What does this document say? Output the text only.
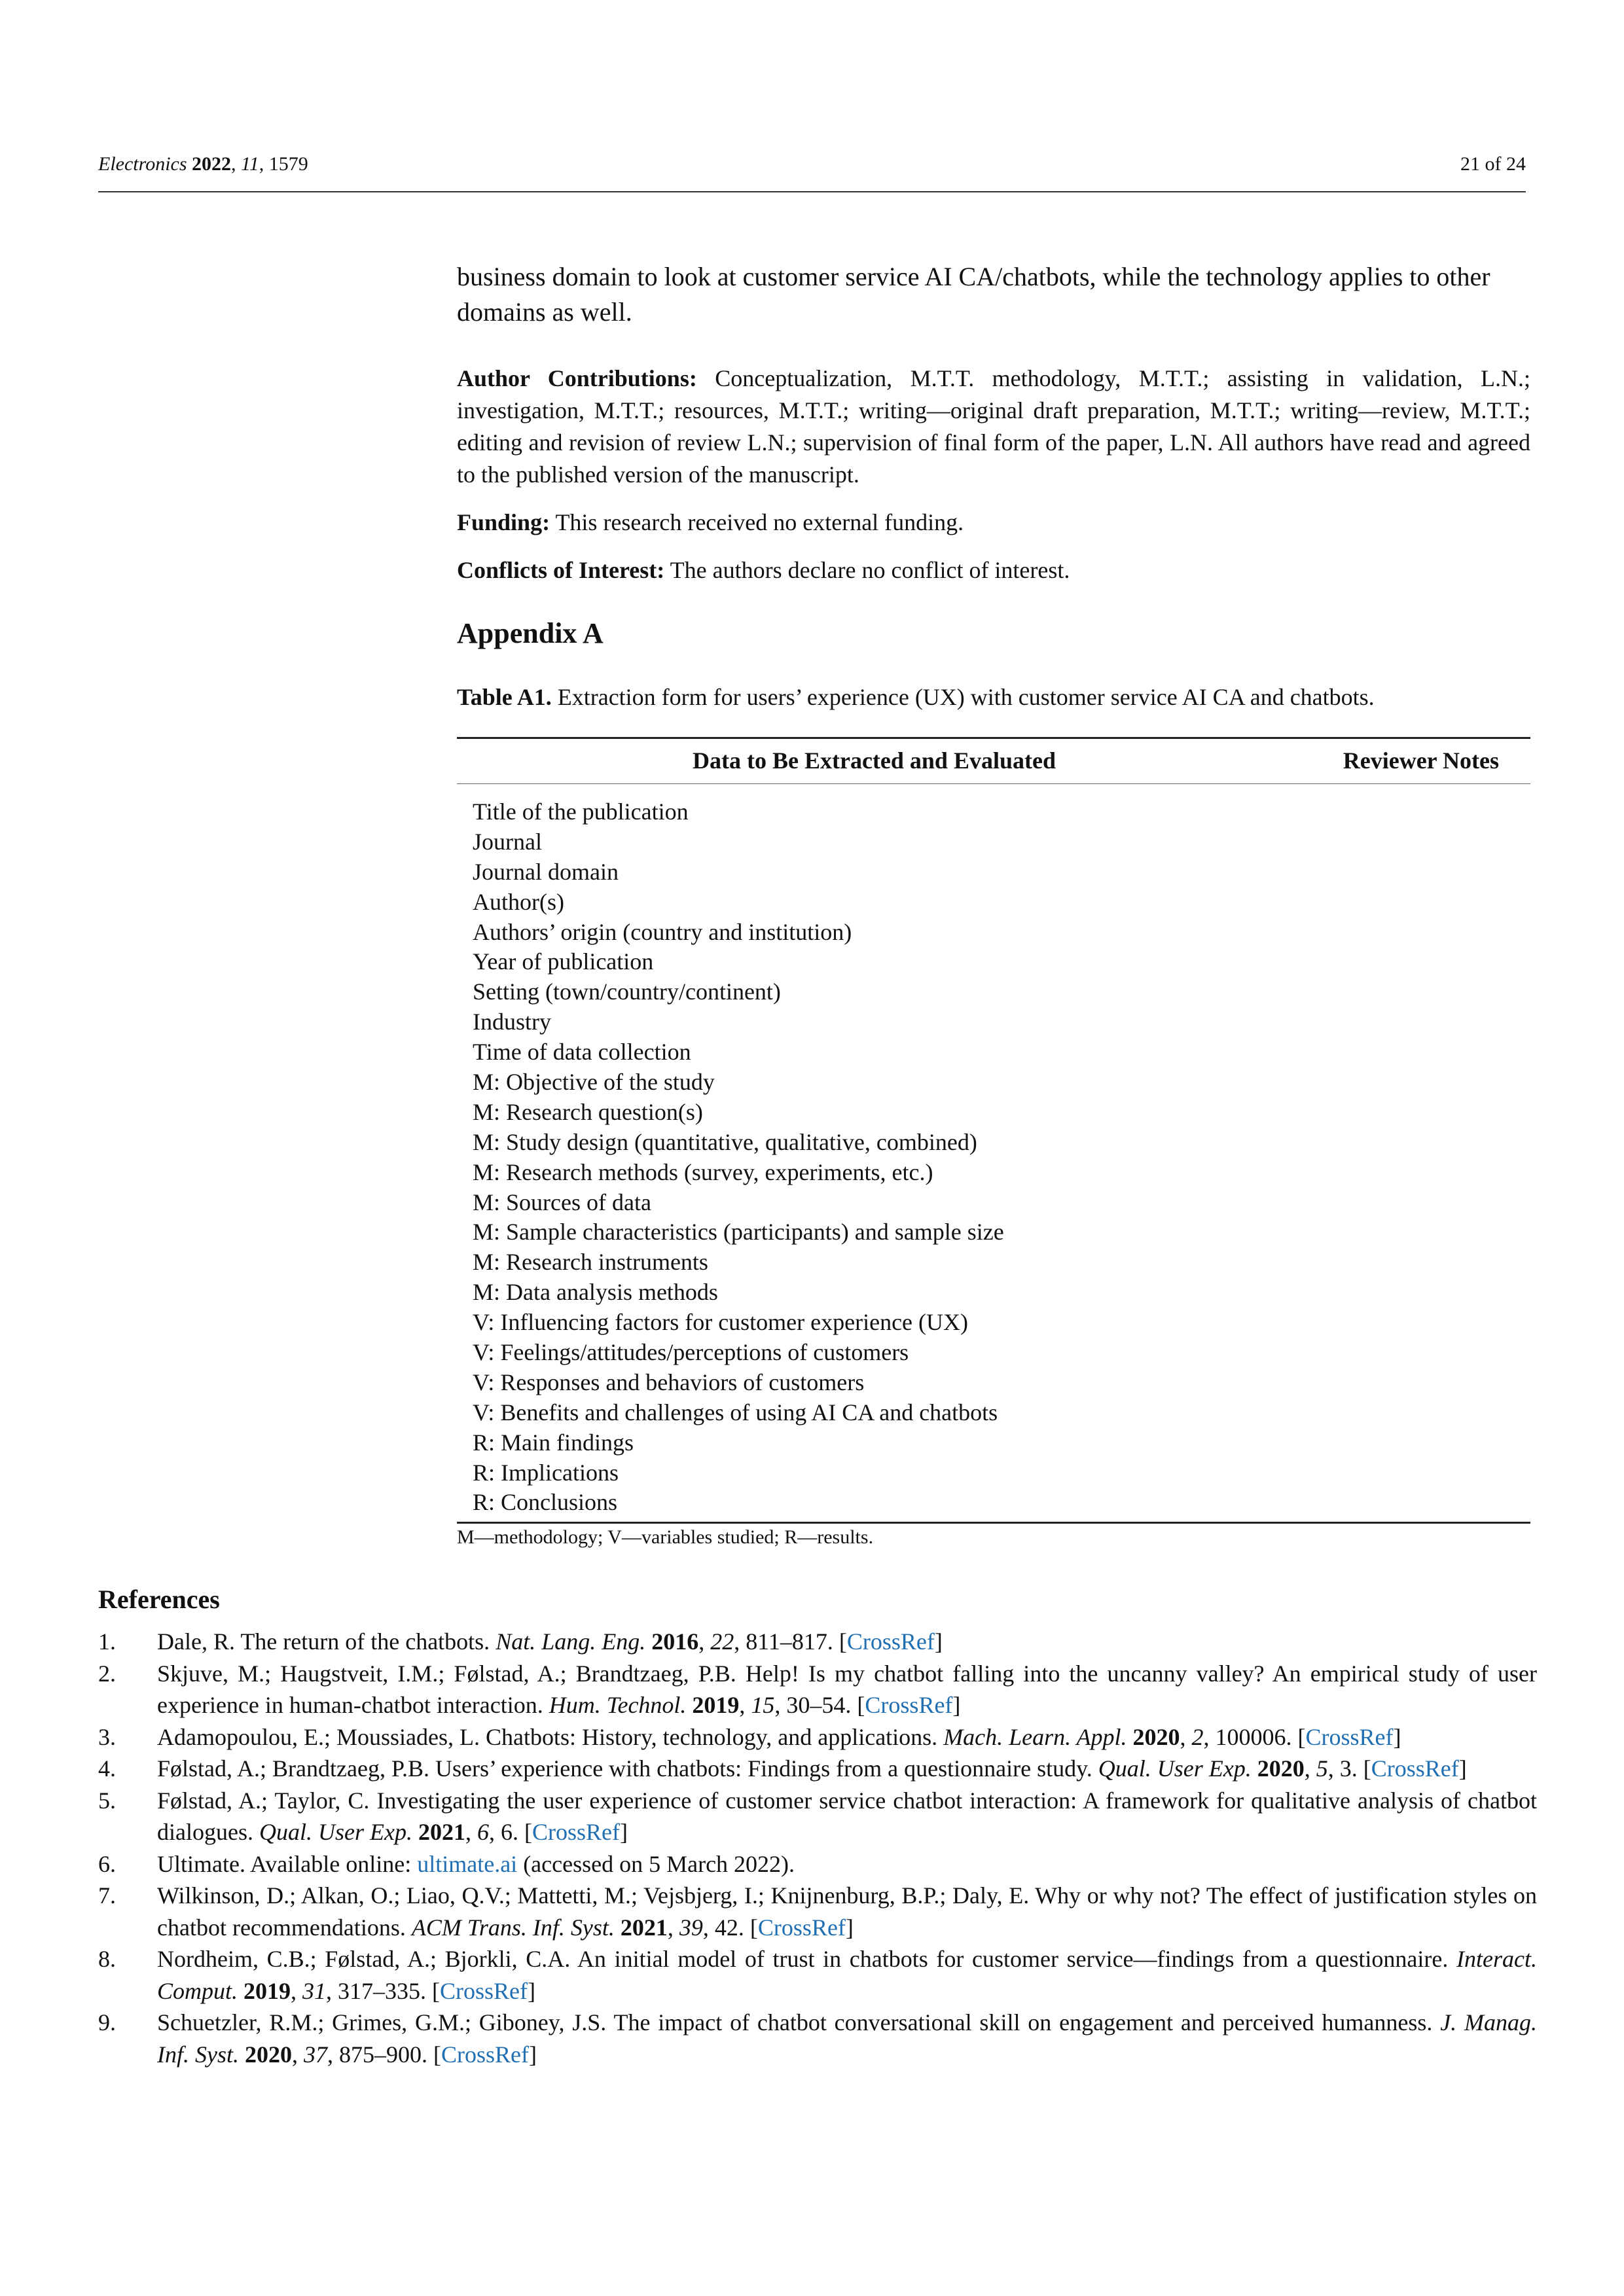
Electronics 2022, 11, 1579	21 of 24

business domain to look at customer service AI CA/chatbots, while the technology applies to other domains as well.

Author Contributions: Conceptualization, M.T.T. methodology, M.T.T.; assisting in validation, L.N.; investigation, M.T.T.; resources, M.T.T.; writing—original draft preparation, M.T.T.; writing—review, M.T.T.; editing and revision of review L.N.; supervision of final form of the paper, L.N. All authors have read and agreed to the published version of the manuscript.

Funding: This research received no external funding.

Conflicts of Interest: The authors declare no conflict of interest.

Appendix A
Table A1. Extraction form for users’ experience (UX) with customer service AI CA and chatbots.
Data to Be Extracted and Evaluated	Reviewer Notes
Title of the publication
Journal
Journal domain
Author(s)
Authors’ origin (country and institution)
Year of publication
Setting (town/country/continent)
Industry
Time of data collection
M: Objective of the study
M: Research question(s)
M: Study design (quantitative, qualitative, combined)
M: Research methods (survey, experiments, etc.)
M: Sources of data
M: Sample characteristics (participants) and sample size
M: Research instruments
M: Data analysis methods
V: Influencing factors for customer experience (UX)
V: Feelings/attitudes/perceptions of customers
V: Responses and behaviors of customers
V: Benefits and challenges of using AI CA and chatbots
R: Main findings
R: Implications
R: Conclusions
M—methodology; V—variables studied; R—results.
References
1.	Dale, R. The return of the chatbots. Nat. Lang. Eng. 2016, 22, 811–817. [CrossRef]
2.	Skjuve, M.; Haugstveit, I.M.; Følstad, A.; Brandtzaeg, P.B. Help! Is my chatbot falling into the uncanny valley? An empirical study of user experience in human-chatbot interaction. Hum. Technol. 2019, 15, 30–54. [CrossRef]
3.	Adamopoulou, E.; Moussiades, L. Chatbots: History, technology, and applications. Mach. Learn. Appl. 2020, 2, 100006. [CrossRef]
4.	Følstad, A.; Brandtzaeg, P.B. Users’ experience with chatbots: Findings from a questionnaire study. Qual. User Exp. 2020, 5, 3. [CrossRef]
5.	Følstad, A.; Taylor, C. Investigating the user experience of customer service chatbot interaction: A framework for qualitative analysis of chatbot dialogues. Qual. User Exp. 2021, 6, 6. [CrossRef]
6.	Ultimate. Available online: ultimate.ai (accessed on 5 March 2022).
7.	Wilkinson, D.; Alkan, O.; Liao, Q.V.; Mattetti, M.; Vejsbjerg, I.; Knijnenburg, B.P.; Daly, E. Why or why not? The effect of justification styles on chatbot recommendations. ACM Trans. Inf. Syst. 2021, 39, 42. [CrossRef]
8.	Nordheim, C.B.; Følstad, A.; Bjorkli, C.A. An initial model of trust in chatbots for customer service—findings from a questionnaire. Interact. Comput. 2019, 31, 317–335. [CrossRef]
9.	Schuetzler, R.M.; Grimes, G.M.; Giboney, J.S. The impact of chatbot conversational skill on engagement and perceived humanness. J. Manag. Inf. Syst. 2020, 37, 875–900. [CrossRef]
